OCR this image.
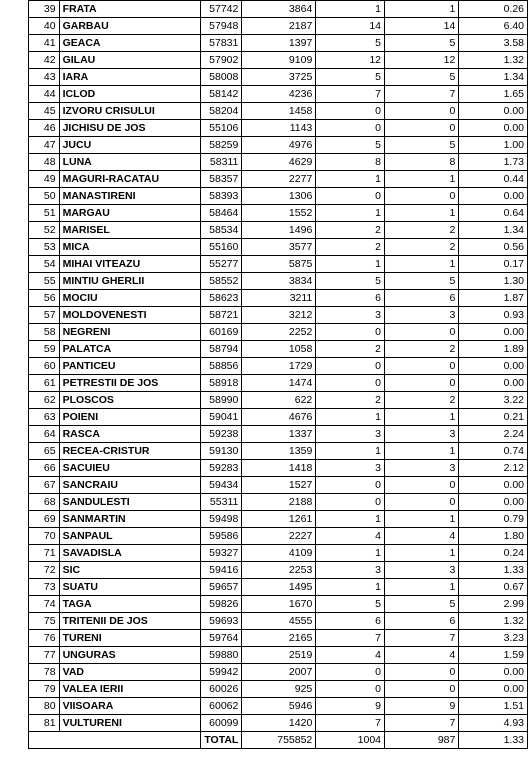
39	FRATA	57742	3864	1	1	0.26
40	GARBAU	57948	2187	14	14	6.40
41	GEACA	57831	1397	5	5	3.58
42	GILAU	57902	9109	12	12	1.32
43	IARA	58008	3725	5	5	1.34
44	ICLOD	58142	4236	7	7	1.65
45	IZVORU CRISULUI	58204	1458	0	0	0.00
46	JICHISU DE JOS	55106	1143	0	0	0.00
47	JUCU	58259	4976	5	5	1.00
48	LUNA	58311	4629	8	8	1.73
49	MAGURI-RACATAU	58357	2277	1	1	0.44
50	MANASTIRENI	58393	1306	0	0	0.00
51	MARGAU	58464	1552	1	1	0.64
52	MARISEL	58534	1496	2	2	1.34
53	MICA	55160	3577	2	2	0.56
54	MIHAI VITEAZU	55277	5875	1	1	0.17
55	MINTIU GHERLII	58552	3834	5	5	1.30
56	MOCIU	58623	3211	6	6	1.87
57	MOLDOVENESTI	58721	3212	3	3	0.93
58	NEGRENI	60169	2252	0	0	0.00
59	PALATCA	58794	1058	2	2	1.89
60	PANTICEU	58856	1729	0	0	0.00
61	PETRESTII DE JOS	58918	1474	0	0	0.00
62	PLOSCOS	58990	622	2	2	3.22
63	POIENI	59041	4676	1	1	0.21
64	RASCA	59238	1337	3	3	2.24
65	RECEA-CRISTUR	59130	1359	1	1	0.74
66	SACUIEU	59283	1418	3	3	2.12
67	SANCRAIU	59434	1527	0	0	0.00
68	SANDULESTI	55311	2188	0	0	0.00
69	SANMARTIN	59498	1261	1	1	0.79
70	SANPAUL	59586	2227	4	4	1.80
71	SAVADISLA	59327	4109	1	1	0.24
72	SIC	59416	2253	3	3	1.33
73	SUATU	59657	1495	1	1	0.67
74	TAGA	59826	1670	5	5	2.99
75	TRITENII DE JOS	59693	4555	6	6	1.32
76	TURENI	59764	2165	7	7	3.23
77	UNGURAS	59880	2519	4	4	1.59
78	VAD	59942	2007	0	0	0.00
79	VALEA IERII	60026	925	0	0	0.00
80	VIISOARA	60062	5946	9	9	1.51
81	VULTURENI	60099	1420	7	7	4.93
		TOTAL	755852	1004	987	1.33
